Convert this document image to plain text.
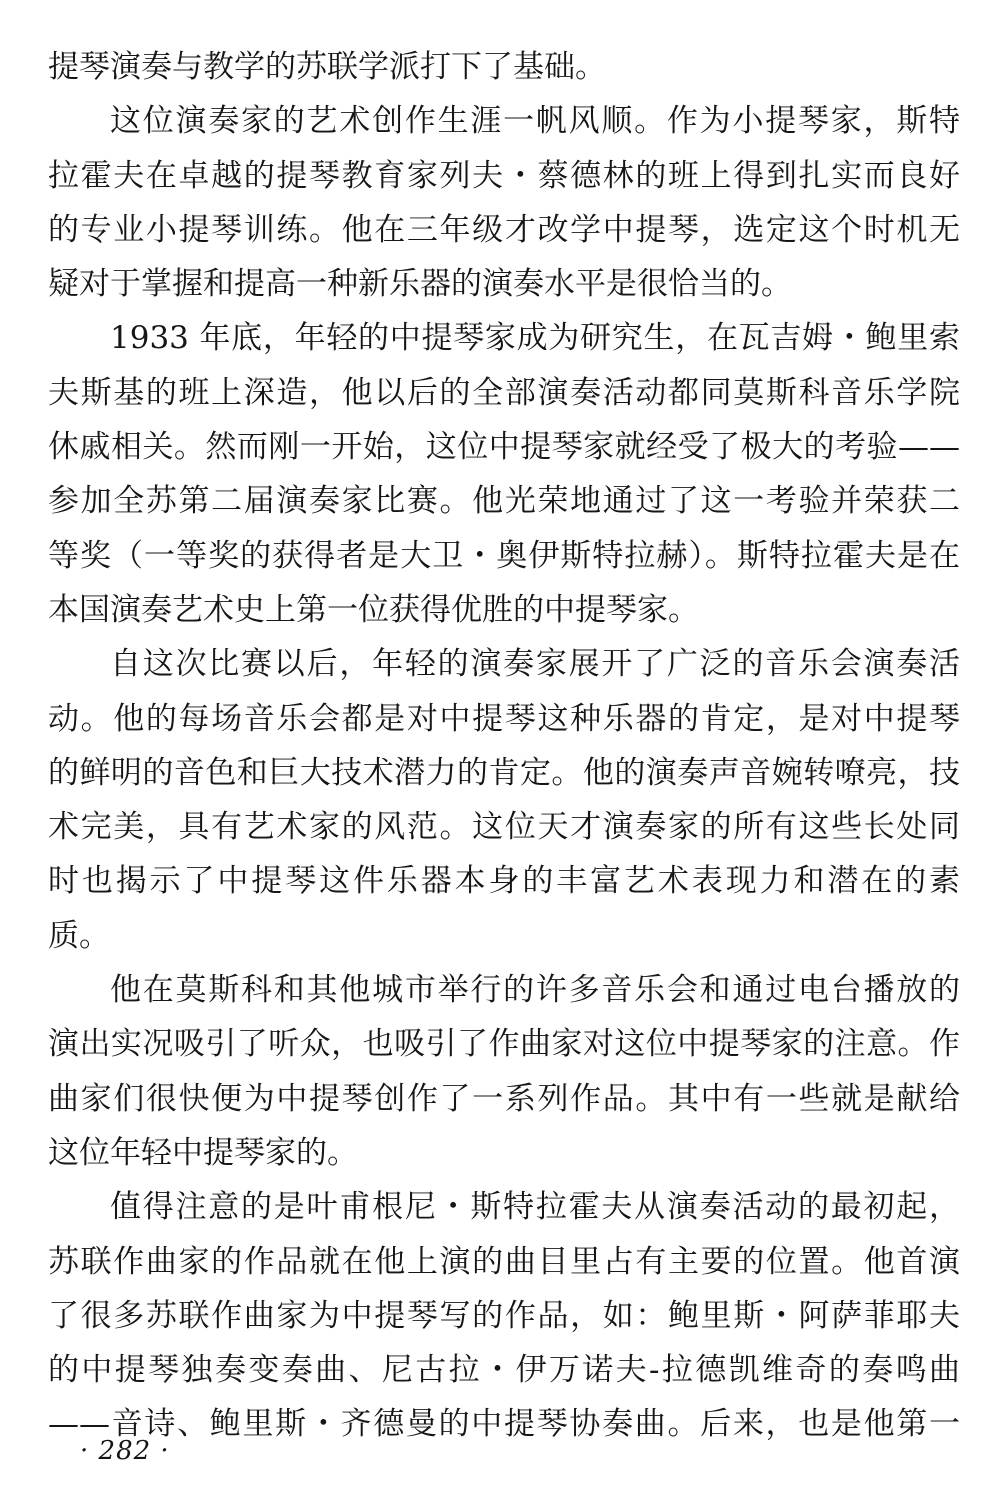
提琴演奏与教学的苏联学派打下了基础。
这位演奏家的艺术创作生涯一帆风顺。作为小提琴家，斯特
拉霍夫在卓越的提琴教育家列夫・蔡德林的班上得到扎实而良好
的专业小提琴训练。他在三年级才改学中提琴，选定这个时机无
疑对于掌握和提高一种新乐器的演奏水平是很恰当的。
1933 年底，年轻的中提琴家成为研究生，在瓦吉姆・鲍里索
夫斯基的班上深造，他以后的全部演奏活动都同莫斯科音乐学院
休戚相关。然而刚一开始，这位中提琴家就经受了极大的考验——
参加全苏第二届演奏家比赛。他光荣地通过了这一考验并荣获二
等奖（一等奖的获得者是大卫・奥伊斯特拉赫）。斯特拉霍夫是在
本国演奏艺术史上第一位获得优胜的中提琴家。
自这次比赛以后，年轻的演奏家展开了广泛的音乐会演奏活
动。他的每场音乐会都是对中提琴这种乐器的肯定，是对中提琴
的鲜明的音色和巨大技术潜力的肯定。他的演奏声音婉转嘹亮，技
术完美，具有艺术家的风范。这位天才演奏家的所有这些长处同
时也揭示了中提琴这件乐器本身的丰富艺术表现力和潜在的素
质。
他在莫斯科和其他城市举行的许多音乐会和通过电台播放的
演出实况吸引了听众，也吸引了作曲家对这位中提琴家的注意。作
曲家们很快便为中提琴创作了一系列作品。其中有一些就是献给
这位年轻中提琴家的。
值得注意的是叶甫根尼・斯特拉霍夫从演奏活动的最初起，
苏联作曲家的作品就在他上演的曲目里占有主要的位置。他首演
了很多苏联作曲家为中提琴写的作品，如：鲍里斯・阿萨菲耶夫
的中提琴独奏变奏曲、尼古拉・伊万诺夫-拉德凯维奇的奏鸣曲
——音诗、鲍里斯・齐德曼的中提琴协奏曲。后来，也是他第一
· 282 ·
